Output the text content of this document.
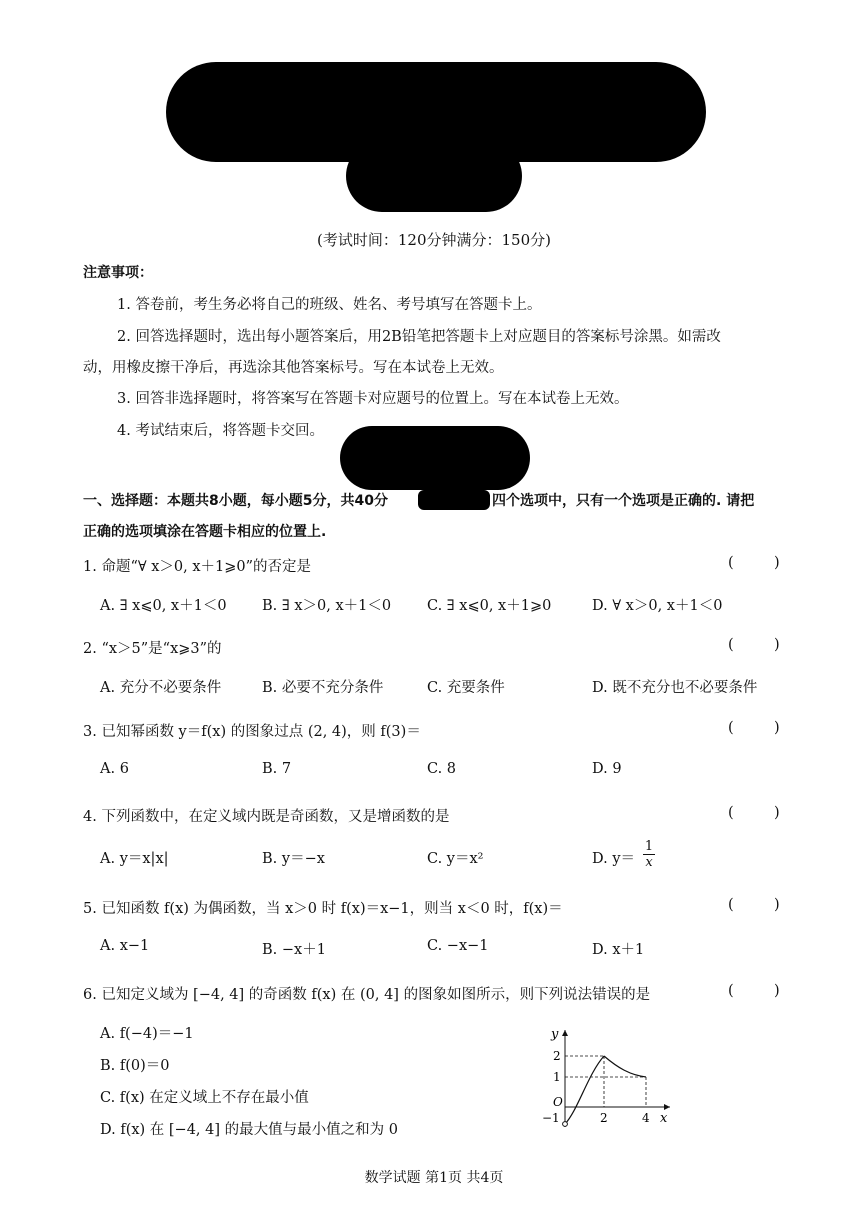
(考试时间：120分钟满分：150分)
注意事项：
1. 答卷前，考生务必将自己的班级、姓名、考号填写在答题卡上。
2. 回答选择题时，选出每小题答案后，用2B铅笔把答题卡上对应题目的答案标号涂黑。如需改
动，用橡皮擦干净后，再选涂其他答案标号。写在本试卷上无效。
3. 回答非选择题时，将答案写在答题卡对应题号的位置上。写在本试卷上无效。
4. 考试结束后，将答题卡交回。
一、选择题：本题共8小题，每小题5分，共40分	四个选项中，只有一个选项是正确的. 请把
正确的选项填涂在答题卡相应的位置上.
1. 命题“∀ x＞0, x＋1⩾0”的否定是	(	)
A. ∃ x⩽0, x＋1＜0 B. ∃ x＞0, x＋1＜0 C. ∃ x⩽0, x＋1⩾0	D. ∀ x＞0, x＋1＜0
2. “x＞5”是“x⩾3”的	(	)
A. 充分不必要条件	B. 必要不充分条件	C. 充要条件	D. 既不充分也不必要条件
3. 已知幂函数 y＝f(x) 的图象过点 (2, 4)，则 f(3)＝	(	)
A. 6	B. 7	C. 8	D. 9
4. 下列函数中，在定义域内既是奇函数，又是增函数的是	(	)
A. y＝x|x|	B. y＝−x	C. y＝x²	D. $y= \frac{1}{x}$
5. 已知函数 f(x) 为偶函数，当 x＞0 时 f(x)＝x−1，则当 x＜0 时，f(x)＝	(	)
A. x−1	B. −x＋1	C. −x−1	D. x＋1
6. 已知定义域为 [−4, 4] 的奇函数 f(x) 在 (0, 4] 的图象如图所示，则下列说法错误的是	(	)
A. f(−4)＝−1
B. f(0)＝0
C. f(x) 在定义域上不存在最小值
D. f(x) 在 [−4, 4] 的最大值与最小值之和为 0
y
x
O
2
1
−1	2	4
数学试题 第1页 共4页
